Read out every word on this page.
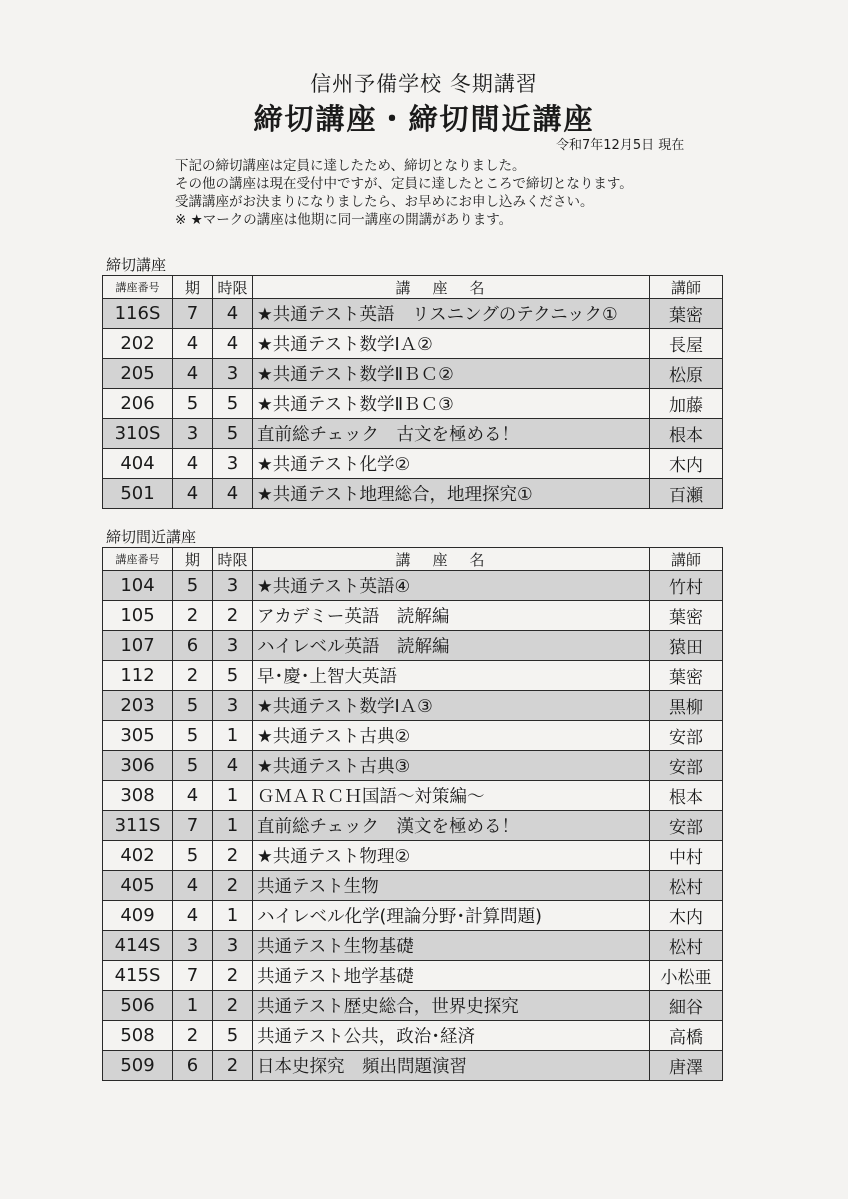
信州予備学校 冬期講習
締切講座・締切間近講座
令和7年12月5日 現在
下記の締切講座は定員に達したため、締切となりました。
その他の講座は現在受付中ですが、定員に達したところで締切となります。
受講講座がお決まりになりましたら、お早めにお申し込みください。
※ ★マークの講座は他期に同一講座の開講があります。
締切講座
講座番号	期	時限	講座名	講師
116S	7	4	★共通テスト英語　リスニングのテクニック①	葉密
202	4	4	★共通テスト数学ⅠＡ②	長屋
205	4	3	★共通テスト数学ⅡＢＣ②	松原
206	5	5	★共通テスト数学ⅡＢＣ③	加藤
310S	3	5	直前総チェック　古文を極める！	根本
404	4	3	★共通テスト化学②	木内
501	4	4	★共通テスト地理総合，地理探究①	百瀬
締切間近講座
講座番号	期	時限	講座名	講師
104	5	3	★共通テスト英語④	竹村
105	2	2	アカデミー英語　読解編	葉密
107	6	3	ハイレベル英語　読解編	猿田
112	2	5	早･慶･上智大英語	葉密
203	5	3	★共通テスト数学ⅠＡ③	黒柳
305	5	1	★共通テスト古典②	安部
306	5	4	★共通テスト古典③	安部
308	4	1	ＧＭＡＲＣＨ国語～対策編～	根本
311S	7	1	直前総チェック　漢文を極める！	安部
402	5	2	★共通テスト物理②	中村
405	4	2	共通テスト生物	松村
409	4	1	ハイレベル化学(理論分野･計算問題)	木内
414S	3	3	共通テスト生物基礎	松村
415S	7	2	共通テスト地学基礎	小松亜
506	1	2	共通テスト歴史総合，世界史探究	細谷
508	2	5	共通テスト公共，政治･経済	高橋
509	6	2	日本史探究　頻出問題演習	唐澤
